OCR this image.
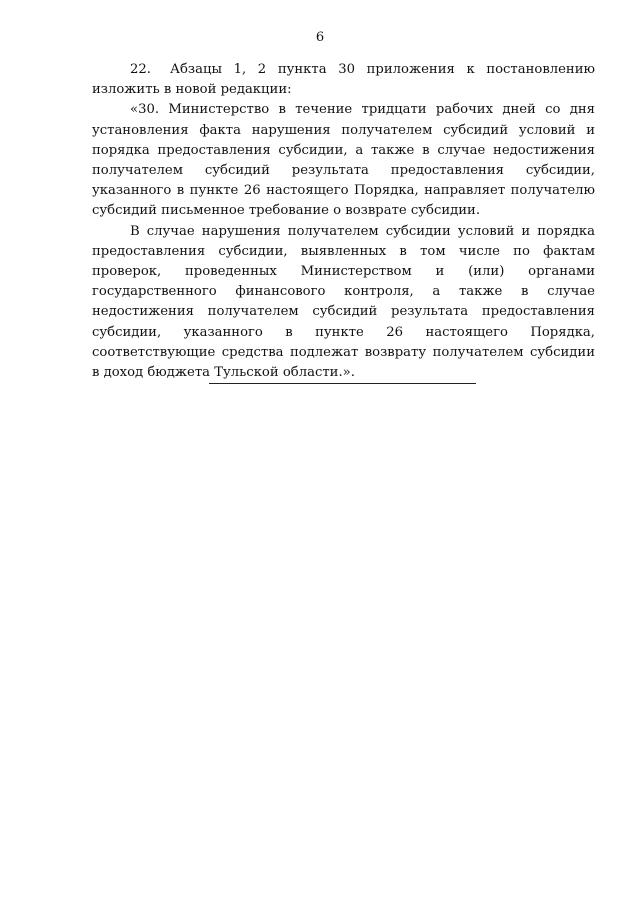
6

22. Абзацы 1, 2 пункта 30 приложения к постановлению изложить в новой редакции:

«30. Министерство в течение тридцати рабочих дней со дня установления факта нарушения получателем субсидий условий и порядка предоставления субсидии, а также в случае недостижения получателем субсидий результата предоставления субсидии, указанного в пункте 26 настоящего Порядка, направляет получателю субсидий письменное требование о возврате субсидии.

В случае нарушения получателем субсидии условий и порядка предоставления субсидии, выявленных в том числе по фактам проверок, проведенных Министерством и (или) органами государственного финансового контроля, а также в случае недостижения получателем субсидий результата предоставления субсидии, указанного в пункте 26 настоящего Порядка, соответствующие средства подлежат возврату получателем субсидии в доход бюджета Тульской области.».
